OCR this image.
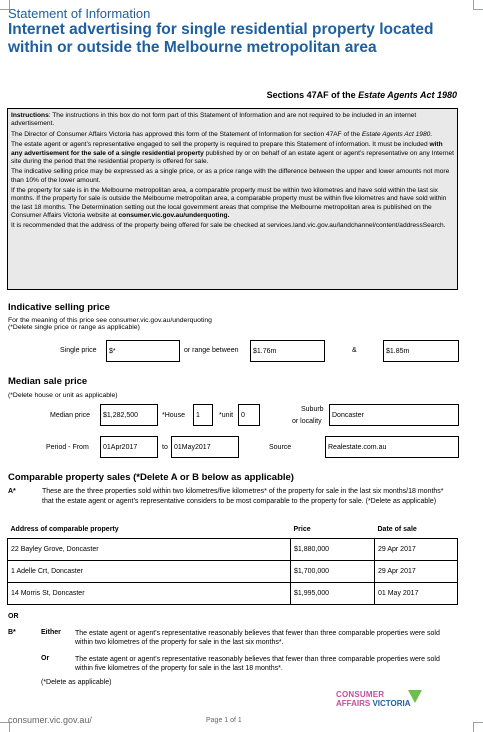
Statement of Information
Internet advertising for single residential property located within or outside the Melbourne metropolitan area
Sections 47AF of the Estate Agents Act 1980

Instructions: The instructions in this box do not form part of this Statement of Information and are not required to be included in an internet advertisement.

The Director of Consumer Affairs Victoria has approved this form of the Statement of Information for section 47AF of the Estate Agents Act 1980.

The estate agent or agent’s representative engaged to sell the property is required to prepare this Statement of information. It must be included with any advertisement for the sale of a single residential property published by or on behalf of an estate agent or agent’s representative on any Internet site during the period that the residential property is offered for sale.

The indicative selling price may be expressed as a single price, or as a price range with the difference between the upper and lower amounts not more than 10% of the lower amount.

If the property for sale is in the Melbourne metropolitan area, a comparable property must be within two kilometres and have sold within the last six months. If the property for sale is outside the Melbourne metropolitan area, a comparable property must be within five kilometres and have sold within the last 18 months. The Determination setting out the local government areas that comprise the Melbourne metropolitan area is published on the Consumer Affairs Victoria website at consumer.vic.gov.au/underquoting.

It is recommended that the address of the property being offered for sale be checked at services.land.vic.gov.au/landchannel/content/addressSearch.

Indicative selling price
For the meaning of this price see consumer.vic.gov.au/underquoting
(*Delete single price or range as applicable)
Single price	$*	or range between	$1.76m	&	$1.85m
Median sale price
(*Delete house or unit as applicable)
Median price	$1,282,500	*House	1	*unit	0
Suburb
or locality
Doncaster
Period - From	01Apr2017	to 01May2017	Source	Realestate.com.au
Comparable property sales (*Delete A or B below as applicable)
A*	These are the three properties sold within two kilometres/five kilometres* of the property for sale in the last six months/18 months* that the estate agent or agent’s representative considers to be most comparable to the property for sale. (*Delete as applicable)
Address of comparable property	Price	Date of sale
22 Bayley Grove, Doncaster	$1,880,000	29 Apr 2017
1 Adelle Crt, Doncaster	$1,700,000	29 Apr 2017
14 Morris St, Doncaster	$1,995,000	01 May 2017
OR
B*	Either The estate agent or agent’s representative reasonably believes that fewer than three comparable properties were sold within two kilometres of the property for sale in the last six months*.
Or	The estate agent or agent’s representative reasonably believes that fewer than three comparable properties were sold within five kilometres of the property for sale in the last 18 months*.
(*Delete as applicable)
consumer.vic.gov.au/	Page 1 of 1
CONSUMER
AFFAIRS VICTORIA
